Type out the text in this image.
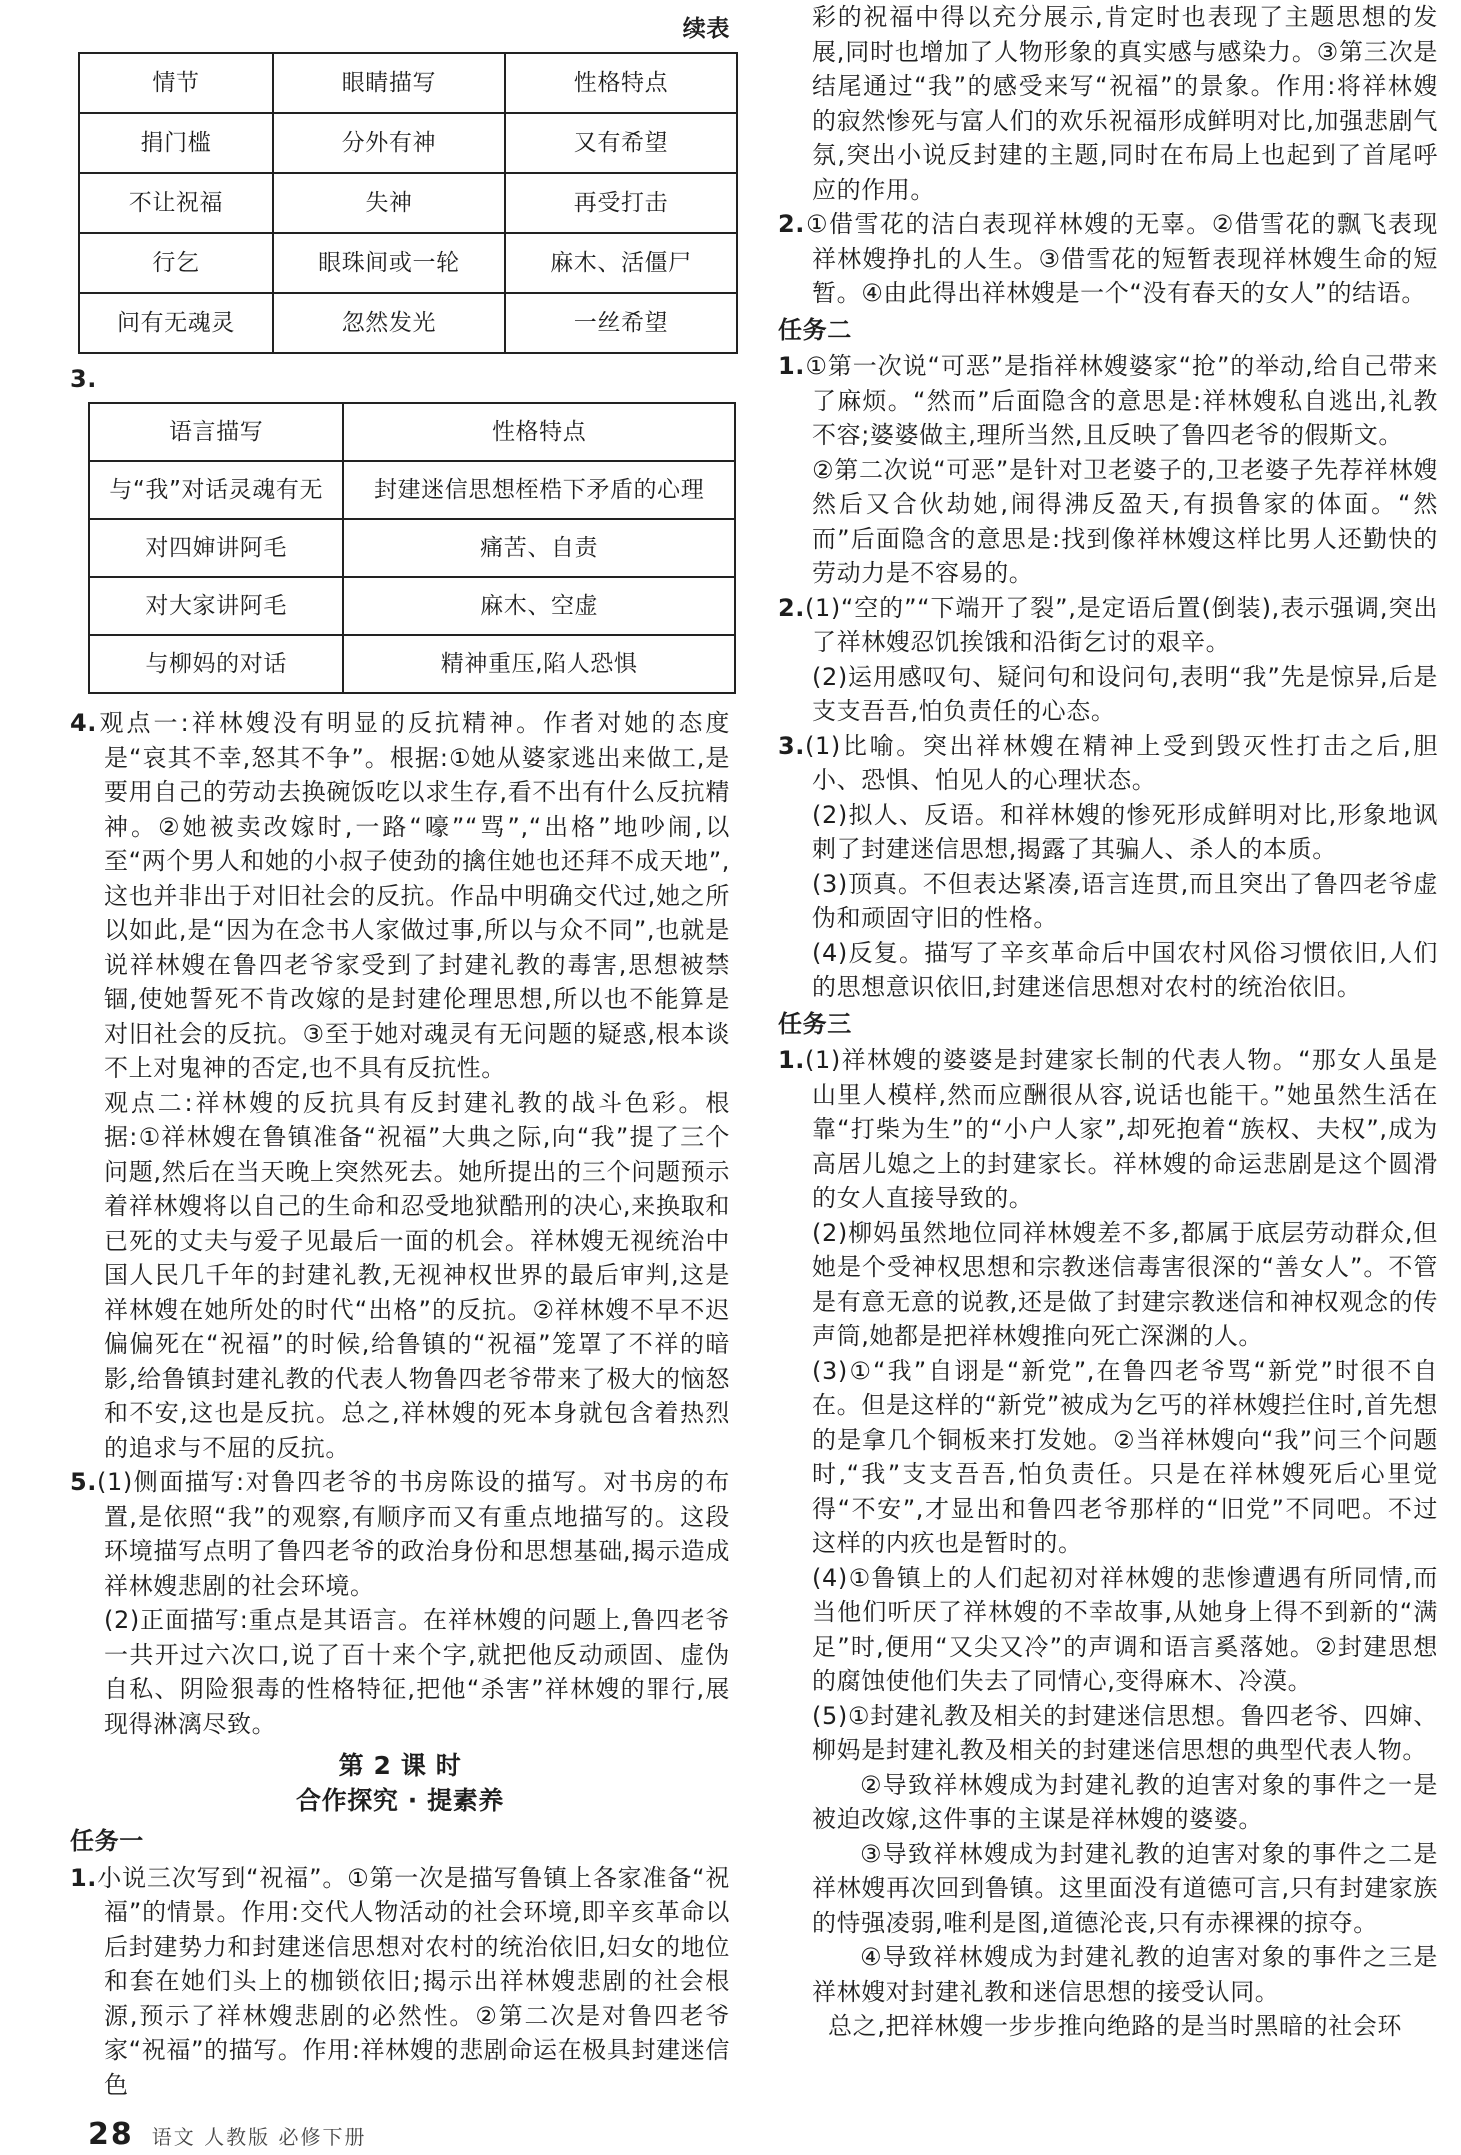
续表
情节	眼睛描写	性格特点
捐门槛	分外有神	又有希望
不让祝福	失神	再受打击
行乞	眼珠间或一轮	麻木、活僵尸
问有无魂灵	忽然发光	一丝希望
3.
语言描写	性格特点
与“我”对话灵魂有无	封建迷信思想桎梏下矛盾的心理
对四婶讲阿毛	痛苦、自责
对大家讲阿毛	麻木、空虚
与柳妈的对话	精神重压,陷人恐惧

4.观点一:祥林嫂没有明显的反抗精神。作者对她的态度是“哀其不幸,怒其不争”。根据:①她从婆家逃出来做工,是要用自己的劳动去换碗饭吃以求生存,看不出有什么反抗精神。②她被卖改嫁时,一路“嚎”“骂”,“出格”地吵闹,以至“两个男人和她的小叔子使劲的擒住她也还拜不成天地”,这也并非出于对旧社会的反抗。作品中明确交代过,她之所以如此,是“因为在念书人家做过事,所以与众不同”,也就是说祥林嫂在鲁四老爷家受到了封建礼教的毒害,思想被禁锢,使她誓死不肯改嫁的是封建伦理思想,所以也不能算是对旧社会的反抗。③至于她对魂灵有无问题的疑惑,根本谈不上对鬼神的否定,也不具有反抗性。

观点二:祥林嫂的反抗具有反封建礼教的战斗色彩。根据:①祥林嫂在鲁镇准备“祝福”大典之际,向“我”提了三个问题,然后在当天晚上突然死去。她所提出的三个问题预示着祥林嫂将以自己的生命和忍受地狱酷刑的决心,来换取和已死的丈夫与爱子见最后一面的机会。祥林嫂无视统治中国人民几千年的封建礼教,无视神权世界的最后审判,这是祥林嫂在她所处的时代“出格”的反抗。②祥林嫂不早不迟偏偏死在“祝福”的时候,给鲁镇的“祝福”笼罩了不祥的暗影,给鲁镇封建礼教的代表人物鲁四老爷带来了极大的恼怒和不安,这也是反抗。总之,祥林嫂的死本身就包含着热烈的追求与不屈的反抗。

5.(1)侧面描写:对鲁四老爷的书房陈设的描写。对书房的布置,是依照“我”的观察,有顺序而又有重点地描写的。这段环境描写点明了鲁四老爷的政治身份和思想基础,揭示造成祥林嫂悲剧的社会环境。

(2)正面描写:重点是其语言。在祥林嫂的问题上,鲁四老爷一共开过六次口,说了百十来个字,就把他反动顽固、虚伪自私、阴险狠毒的性格特征,把他“杀害”祥林嫂的罪行,展现得淋漓尽致。

第 2 课 时

合作探究 · 提素养

任务一

1.小说三次写到“祝福”。①第一次是描写鲁镇上各家准备“祝福”的情景。作用:交代人物活动的社会环境,即辛亥革命以后封建势力和封建迷信思想对农村的统治依旧,妇女的地位和套在她们头上的枷锁依旧;揭示出祥林嫂悲剧的社会根源,预示了祥林嫂悲剧的必然性。②第二次是对鲁四老爷家“祝福”的描写。作用:祥林嫂的悲剧命运在极具封建迷信色

彩的祝福中得以充分展示,肯定时也表现了主题思想的发展,同时也增加了人物形象的真实感与感染力。③第三次是结尾通过“我”的感受来写“祝福”的景象。作用:将祥林嫂的寂然惨死与富人们的欢乐祝福形成鲜明对比,加强悲剧气氛,突出小说反封建的主题,同时在布局上也起到了首尾呼应的作用。

2.①借雪花的洁白表现祥林嫂的无辜。②借雪花的飘飞表现祥林嫂挣扎的人生。③借雪花的短暂表现祥林嫂生命的短暂。④由此得出祥林嫂是一个“没有春天的女人”的结语。

任务二

1.①第一次说“可恶”是指祥林嫂婆家“抢”的举动,给自己带来了麻烦。“然而”后面隐含的意思是:祥林嫂私自逃出,礼教不容;婆婆做主,理所当然,且反映了鲁四老爷的假斯文。

②第二次说“可恶”是针对卫老婆子的,卫老婆子先荐祥林嫂然后又合伙劫她,闹得沸反盈天,有损鲁家的体面。“然而”后面隐含的意思是:找到像祥林嫂这样比男人还勤快的劳动力是不容易的。

2.(1)“空的”“下端开了裂”,是定语后置(倒装),表示强调,突出了祥林嫂忍饥挨饿和沿街乞讨的艰辛。

(2)运用感叹句、疑问句和设问句,表明“我”先是惊异,后是支支吾吾,怕负责任的心态。

3.(1)比喻。突出祥林嫂在精神上受到毁灭性打击之后,胆小、恐惧、怕见人的心理状态。

(2)拟人、反语。和祥林嫂的惨死形成鲜明对比,形象地讽刺了封建迷信思想,揭露了其骗人、杀人的本质。

(3)顶真。不但表达紧凑,语言连贯,而且突出了鲁四老爷虚伪和顽固守旧的性格。

(4)反复。描写了辛亥革命后中国农村风俗习惯依旧,人们的思想意识依旧,封建迷信思想对农村的统治依旧。

任务三

1.(1)祥林嫂的婆婆是封建家长制的代表人物。“那女人虽是山里人模样,然而应酬很从容,说话也能干。”她虽然生活在靠“打柴为生”的“小户人家”,却死抱着“族权、夫权”,成为高居儿媳之上的封建家长。祥林嫂的命运悲剧是这个圆滑的女人直接导致的。

(2)柳妈虽然地位同祥林嫂差不多,都属于底层劳动群众,但她是个受神权思想和宗教迷信毒害很深的“善女人”。不管是有意无意的说教,还是做了封建宗教迷信和神权观念的传声筒,她都是把祥林嫂推向死亡深渊的人。

(3)①“我”自诩是“新党”,在鲁四老爷骂“新党”时很不自在。但是这样的“新党”被成为乞丐的祥林嫂拦住时,首先想的是拿几个铜板来打发她。②当祥林嫂向“我”问三个问题时,“我”支支吾吾,怕负责任。只是在祥林嫂死后心里觉得“不安”,才显出和鲁四老爷那样的“旧党”不同吧。不过这样的内疚也是暂时的。

(4)①鲁镇上的人们起初对祥林嫂的悲惨遭遇有所同情,而当他们听厌了祥林嫂的不幸故事,从她身上得不到新的“满足”时,便用“又尖又冷”的声调和语言奚落她。②封建思想的腐蚀使他们失去了同情心,变得麻木、冷漠。

(5)①封建礼教及相关的封建迷信思想。鲁四老爷、四婶、柳妈是封建礼教及相关的封建迷信思想的典型代表人物。

②导致祥林嫂成为封建礼教的迫害对象的事件之一是被迫改嫁,这件事的主谋是祥林嫂的婆婆。

③导致祥林嫂成为封建礼教的迫害对象的事件之二是祥林嫂再次回到鲁镇。这里面没有道德可言,只有封建家族的恃强凌弱,唯利是图,道德沦丧,只有赤裸裸的掠夺。

④导致祥林嫂成为封建礼教的迫害对象的事件之三是祥林嫂对封建礼教和迷信思想的接受认同。

总之,把祥林嫂一步步推向绝路的是当时黑暗的社会环

28 语文 人教版 必修下册
